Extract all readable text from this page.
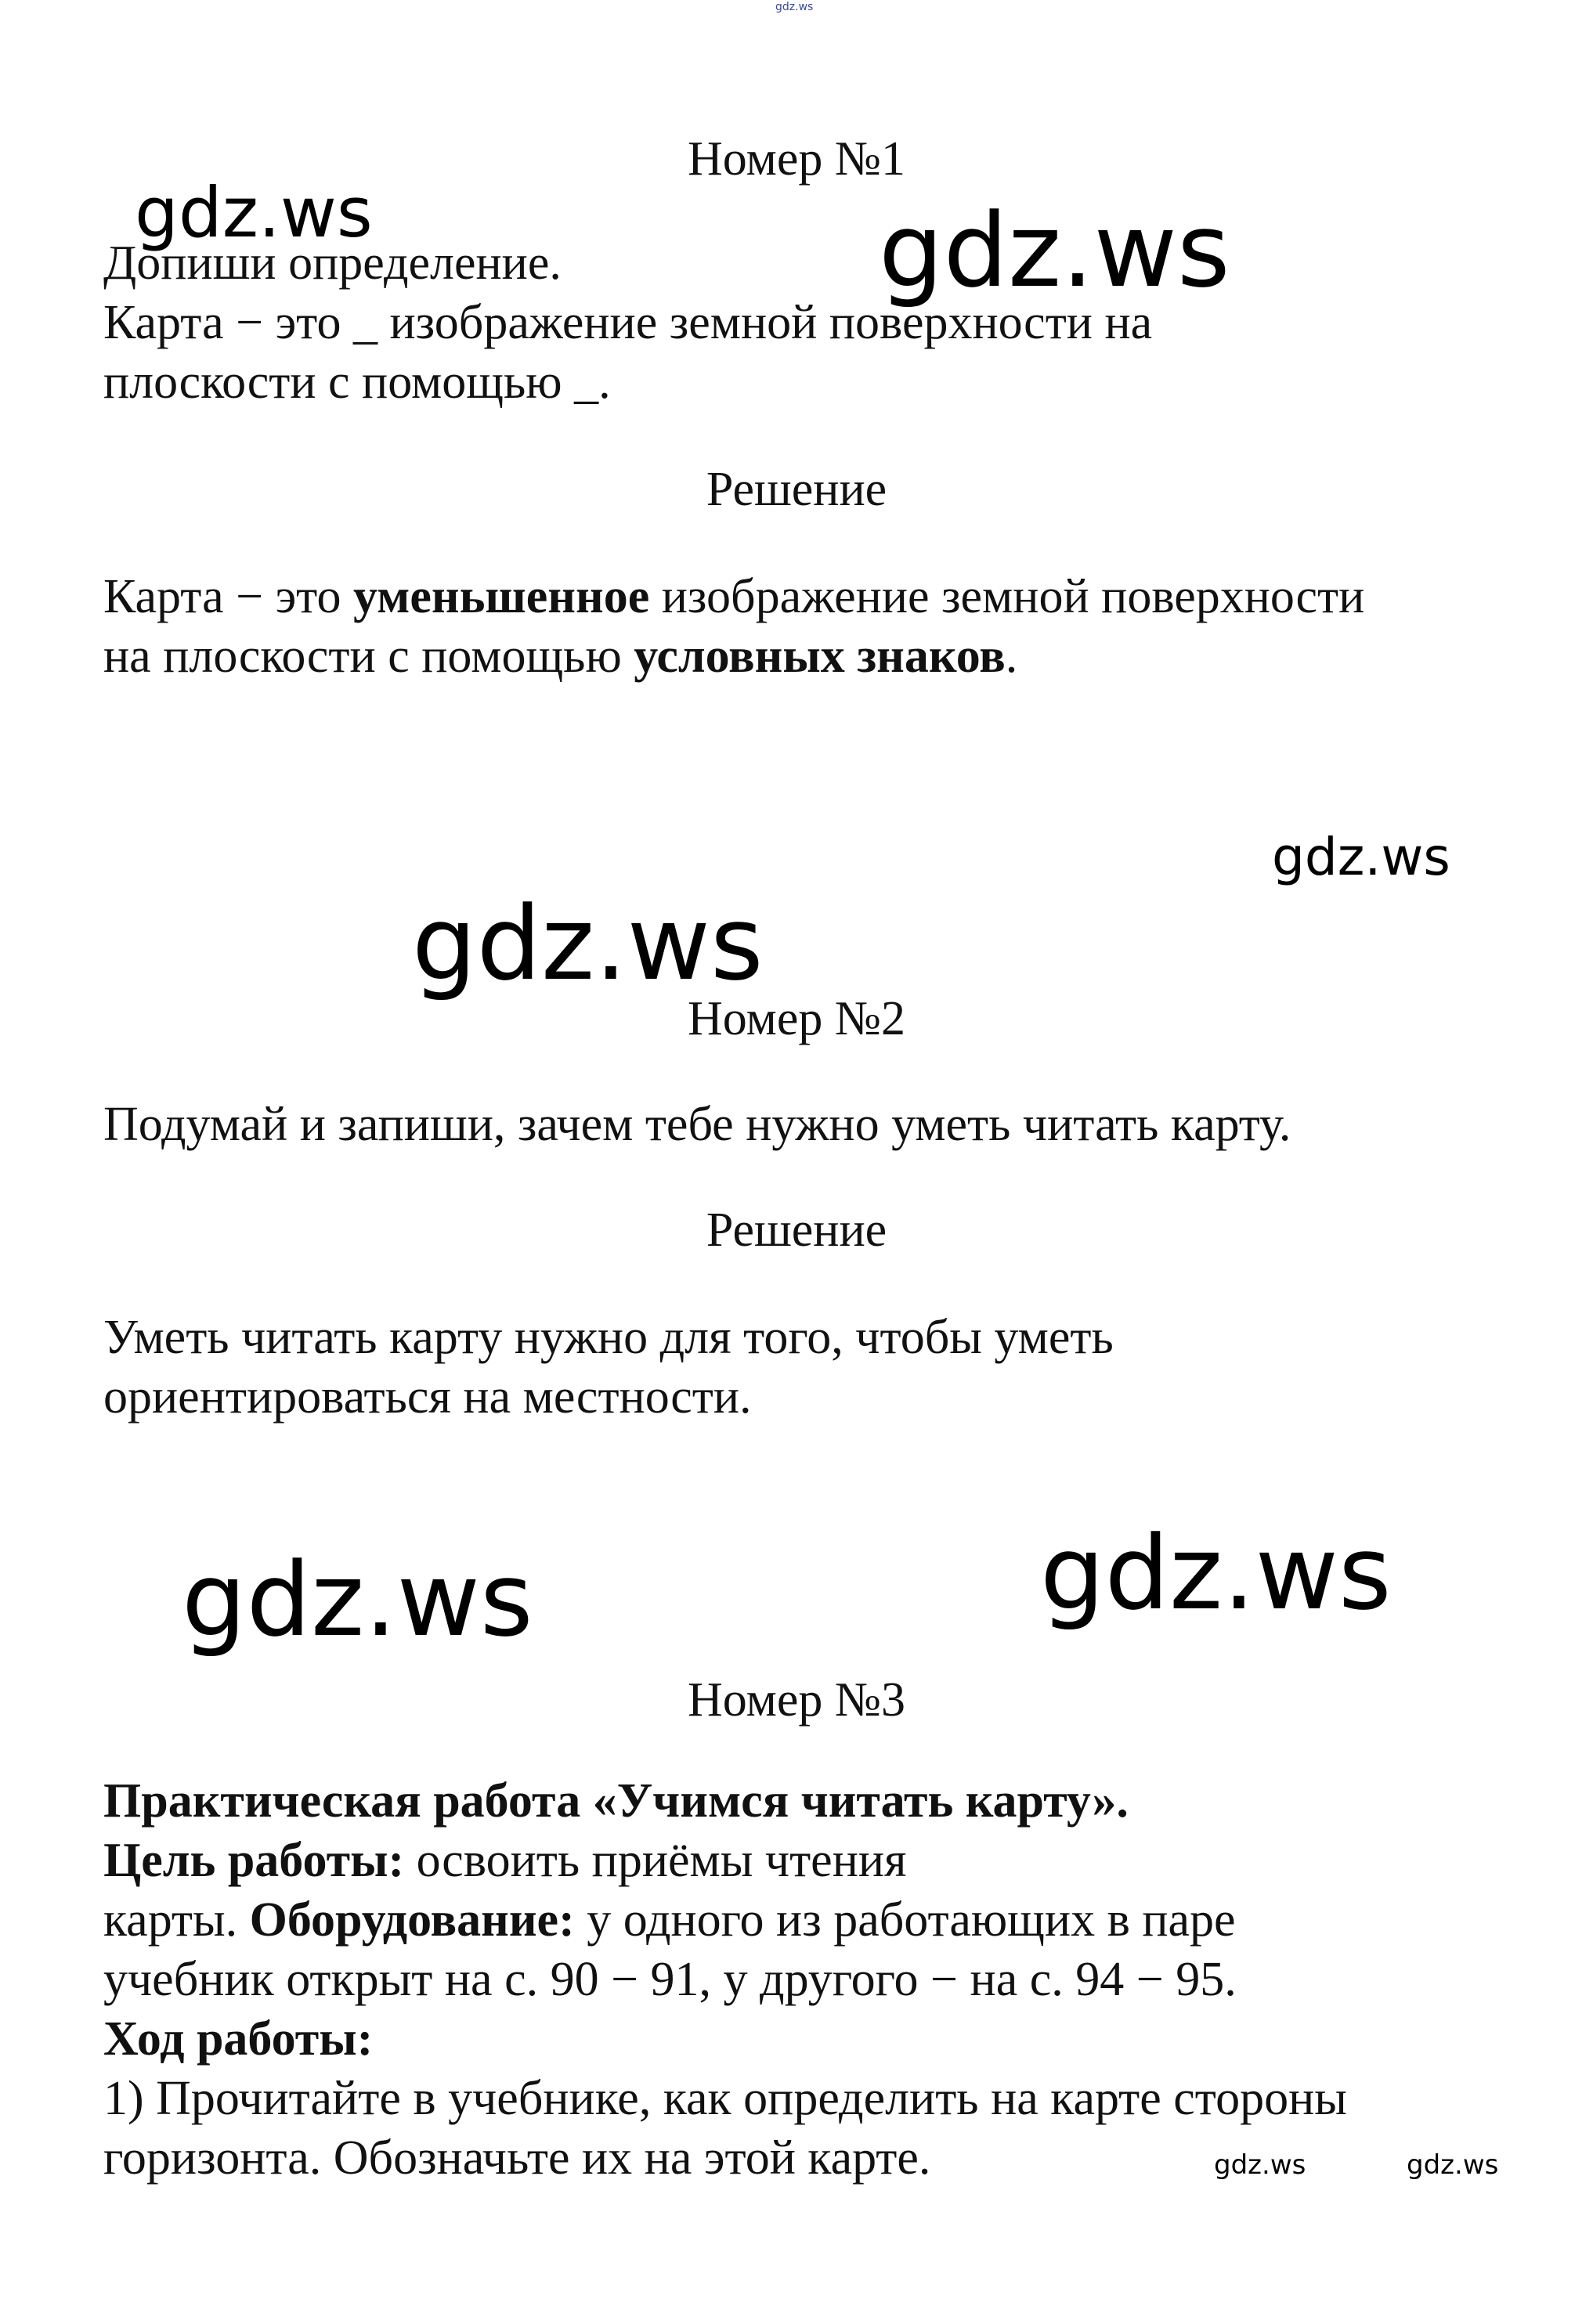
gdz.ws
Номер №1
Допиши определение.
Карта − это _ изображение земной поверхности на
плоскости с помощью _.
Решение
Карта − это уменьшенное изображение земной поверхности
на плоскости с помощью условных знаков.
Номер №2
Подумай и запиши, зачем тебе нужно уметь читать карту.
Решение
Уметь читать карту нужно для того, чтобы уметь
ориентироваться на местности.
Номер №3
Практическая работа «Учимся читать карту».
Цель работы: освоить приёмы чтения
карты. Оборудование: у одного из работающих в паре
учебник открыт на с. 90 − 91, у другого − на с. 94 − 95.
Ход работы:
1) Прочитайте в учебнике, как определить на карте стороны
горизонта. Обозначьте их на этой карте.
gdz.ws	gdz.ws
gdz.ws
gdz.ws
gdz.ws	gdz.ws
gdz.ws	gdz.ws
